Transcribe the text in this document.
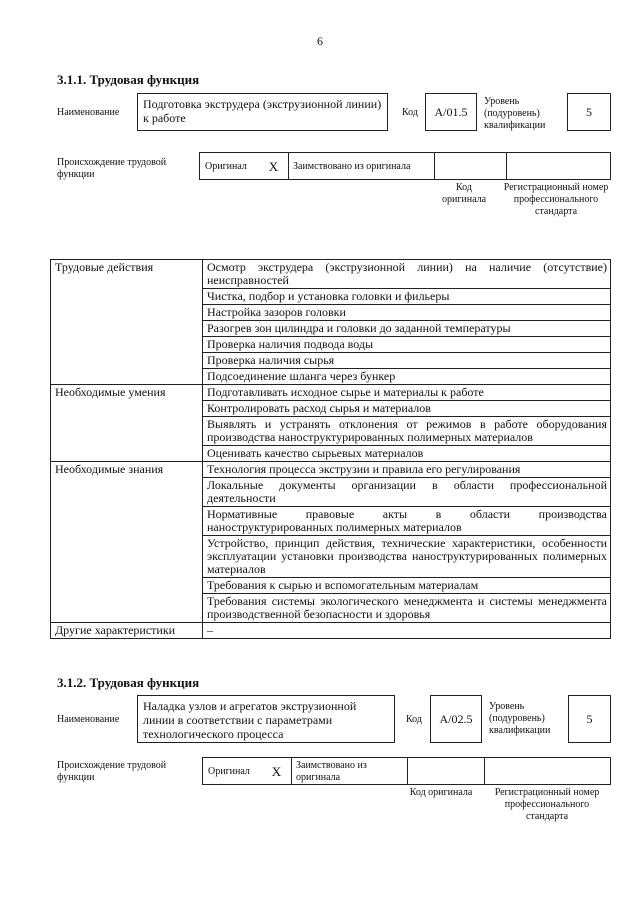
6
3.1.1. Трудовая функция
Наименование
Подготовка экструдера (экструзионной линии) к работе	Код	A/01.5
Уровень (подуровень) квалификации
5
Происхождение трудовой функции
Оригинал	X	Заимствовано из оригинала
Код оригинала
Регистрационный номер профессионального стандарта
Трудовые действия	Осмотр экструдера (экструзионной линии) на наличие (отсутствие) неисправностей
	Чистка, подбор и установка головки и фильеры
	Настройка зазоров головки
	Разогрев зон цилиндра и головки до заданной температуры
	Проверка наличия подвода воды
	Проверка наличия сырья
	Подсоединение шланга через бункер
Необходимые умения	Подготавливать исходное сырье и материалы к работе
	Контролировать расход сырья и материалов
	Выявлять и устранять отклонения от режимов в работе оборудования производства наноструктурированных полимерных материалов
	Оценивать качество сырьевых материалов
Необходимые знания	Технология процесса экструзии и правила его регулирования
	Локальные документы организации в области профессиональной деятельности
	Нормативные правовые акты в области производства наноструктурированных полимерных материалов
	Устройство, принцип действия, технические характеристики, особенности эксплуатации установки производства наноструктурированных полимерных материалов
	Требования к сырью и вспомогательным материалам
	Требования системы экологического менеджмента и системы менеджмента производственной безопасности и здоровья
Другие характеристики	–
3.1.2. Трудовая функция
Наименование
Наладка узлов и агрегатов экструзионной линии в соответствии с параметрами технологического процесса
Код	A/02.5
Уровень (подуровень) квалификации
5
Происхождение трудовой функции
Оригинал	X	Заимствовано из оригинала
Код оригинала	Регистрационный номер профессионального стандарта
